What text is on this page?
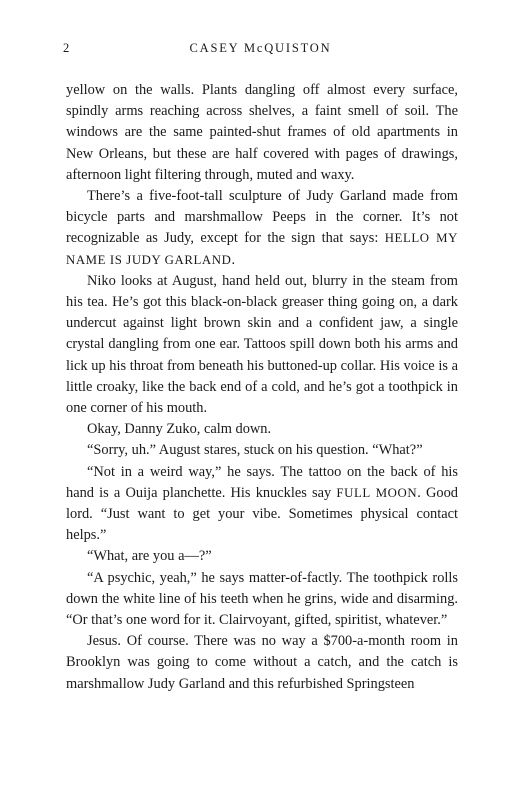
2	CASEY McQUISTON

yellow on the walls. Plants dangling off almost every surface, spindly arms reaching across shelves, a faint smell of soil. The windows are the same painted-shut frames of old apartments in New Orleans, but these are half covered with pages of drawings, afternoon light filtering through, muted and waxy.

There’s a five-foot-tall sculpture of Judy Garland made from bicycle parts and marshmallow Peeps in the corner. It’s not recognizable as Judy, except for the sign that says: HELLO MY NAME IS JUDY GARLAND.

Niko looks at August, hand held out, blurry in the steam from his tea. He’s got this black-on-black greaser thing going on, a dark undercut against light brown skin and a confident jaw, a single crystal dangling from one ear. Tattoos spill down both his arms and lick up his throat from beneath his buttoned-up collar. His voice is a little croaky, like the back end of a cold, and he’s got a toothpick in one corner of his mouth.

Okay, Danny Zuko, calm down.

“Sorry, uh.” August stares, stuck on his question. “What?”

“Not in a weird way,” he says. The tattoo on the back of his hand is a Ouija planchette. His knuckles say FULL MOON. Good lord. “Just want to get your vibe. Sometimes physical contact helps.”

“What, are you a—?”

“A psychic, yeah,” he says matter-of-factly. The toothpick rolls down the white line of his teeth when he grins, wide and disarming. “Or that’s one word for it. Clairvoyant, gifted, spiritist, whatever.”

Jesus. Of course. There was no way a $700-a-month room in Brooklyn was going to come without a catch, and the catch is marshmallow Judy Garland and this refurbished Springsteen
